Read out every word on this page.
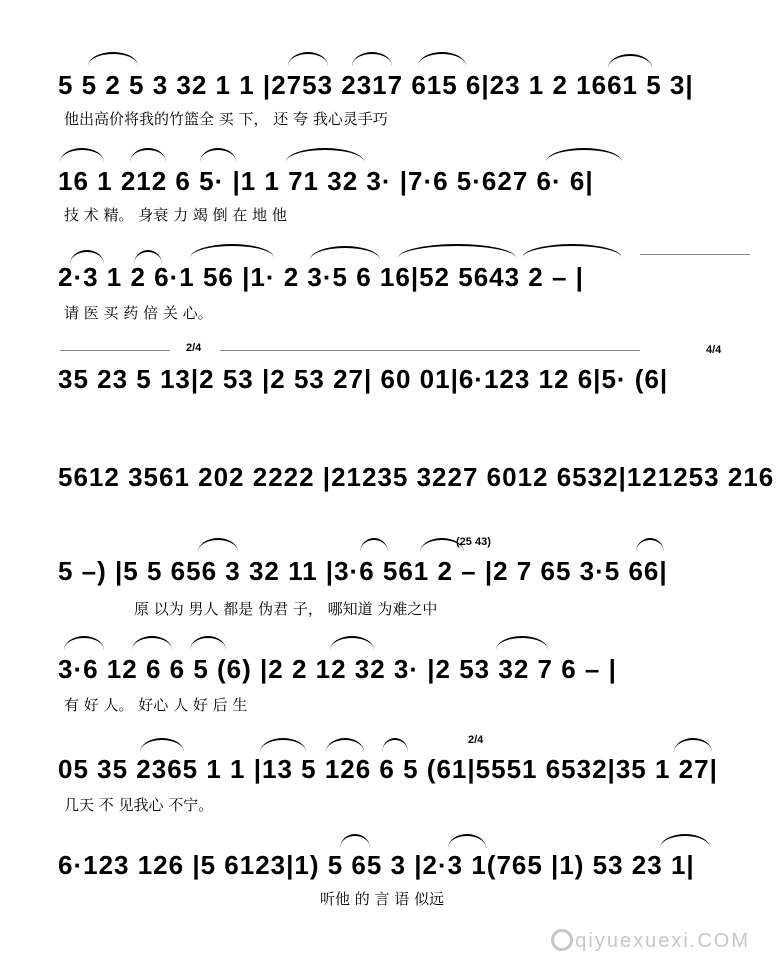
5 5 2 5 3 32 1 1 |2753 2317 615 6|23 1 2 1661 5 3|
他出高价将我的竹篮全 买 下， 还 夸 我心灵手巧
16 1 212 6 5· |1 1 71 32 3· |7·6 5·627 6· 6|
技 术 精。 身衰 力 竭 倒 在 地 他
2·3 1 2 6·1 56 |1· 2 3·5 6 16|52 5643 2 – |
请 医 买 药 倍 关 心。
2/4	4/4
35 23 5 13|2 53 |2 53 27| 60 01|6·123 12 6|5· (6|
5612 3561 202 2222 |21235 3227 6012 6532|121253 216
(25 43)
5 –) |5 5 656 3 32 11 |3·6 561 2 – |2 7 65 3·5 66|
原 以为 男人 都是 伪君 子， 哪知道 为难之中
3·6 12 6 6 5 (6) |2 2 12 32 3· |2 53 32 7 6 – |
有 好 人。 好心 人 好 后 生
2/4
05 35 2365 1 1 |13 5 126 6 5 (61|5551 6532|35 1 27|
几天 不 见我心 不宁。
6·123 126 |5 6123|1) 5 65 3 |2·3 1(765 |1) 53 23 1|
听他 的 言 语 似远
qiyuexuexi.COM
